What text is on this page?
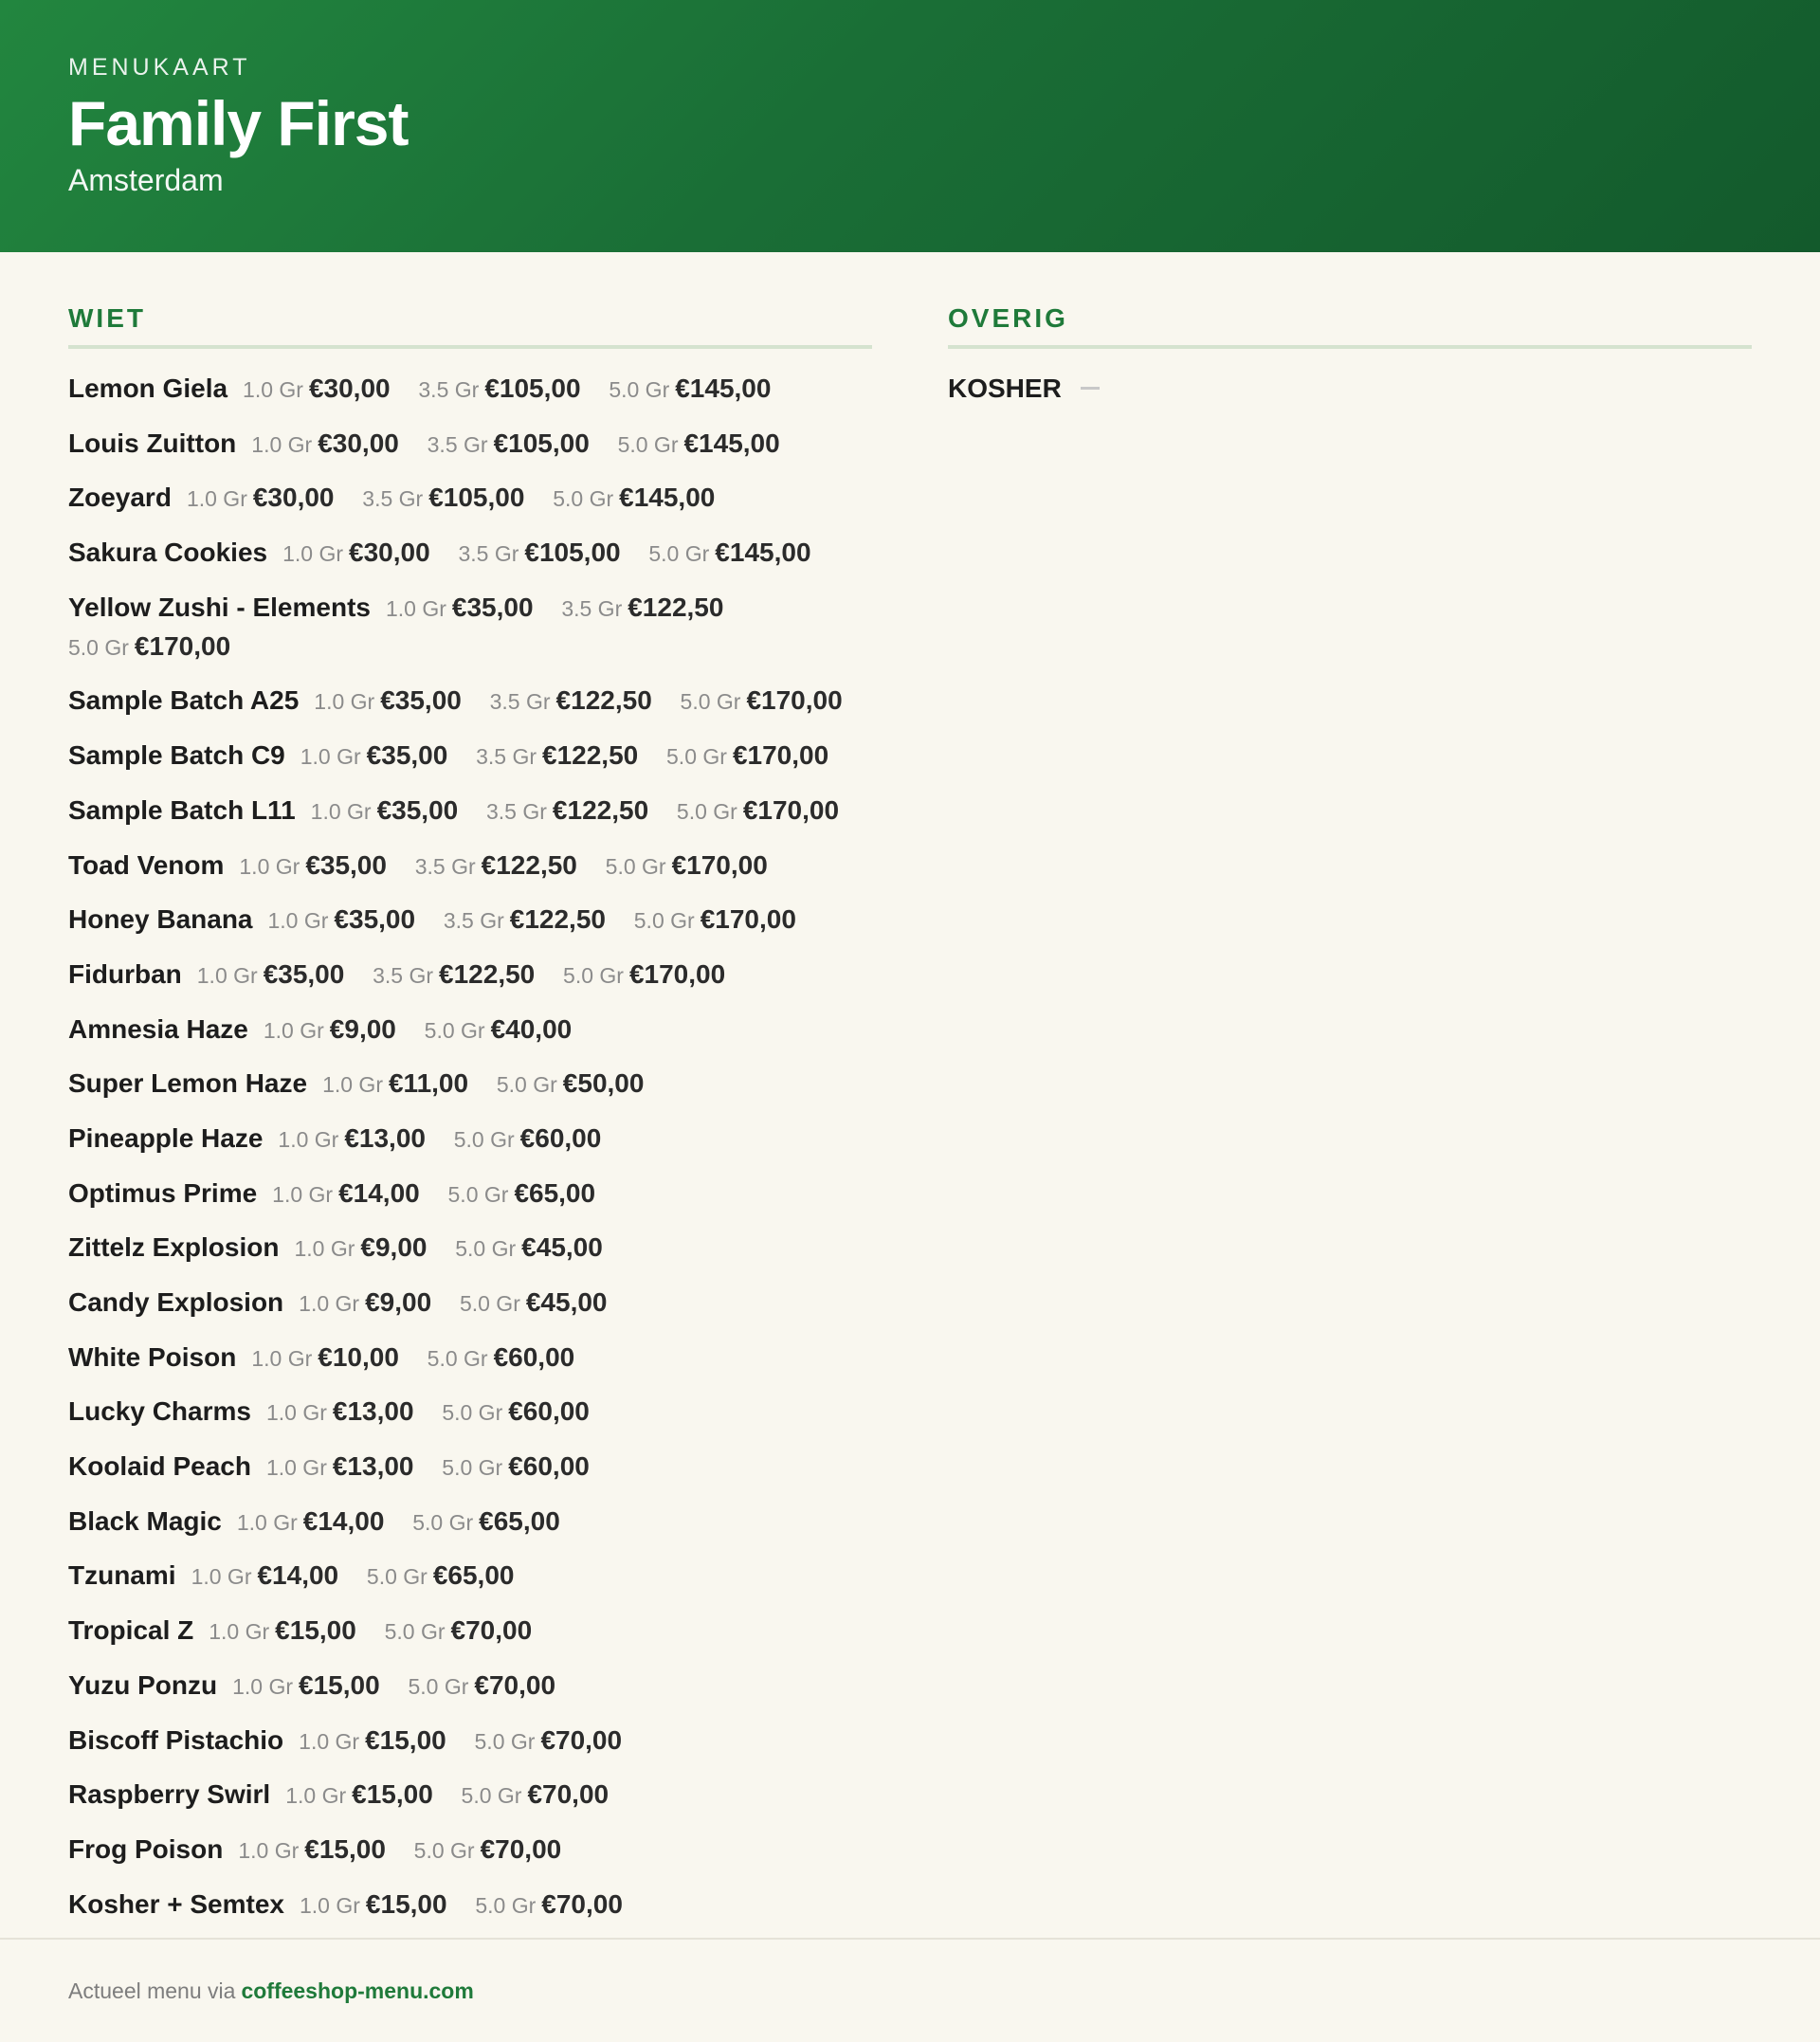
MENUKAART
Family First
Amsterdam
WIET
Lemon Giela 1.0 Gr €30,00 3.5 Gr €105,00 5.0 Gr €145,00
Louis Zuitton 1.0 Gr €30,00 3.5 Gr €105,00 5.0 Gr €145,00
Zoeyard 1.0 Gr €30,00 3.5 Gr €105,00 5.0 Gr €145,00
Sakura Cookies 1.0 Gr €30,00 3.5 Gr €105,00 5.0 Gr €145,00
Yellow Zushi - Elements 1.0 Gr €35,00 3.5 Gr €122,50 5.0 Gr €170,00
Sample Batch A25 1.0 Gr €35,00 3.5 Gr €122,50 5.0 Gr €170,00
Sample Batch C9 1.0 Gr €35,00 3.5 Gr €122,50 5.0 Gr €170,00
Sample Batch L11 1.0 Gr €35,00 3.5 Gr €122,50 5.0 Gr €170,00
Toad Venom 1.0 Gr €35,00 3.5 Gr €122,50 5.0 Gr €170,00
Honey Banana 1.0 Gr €35,00 3.5 Gr €122,50 5.0 Gr €170,00
Fidurban 1.0 Gr €35,00 3.5 Gr €122,50 5.0 Gr €170,00
Amnesia Haze 1.0 Gr €9,00 5.0 Gr €40,00
Super Lemon Haze 1.0 Gr €11,00 5.0 Gr €50,00
Pineapple Haze 1.0 Gr €13,00 5.0 Gr €60,00
Optimus Prime 1.0 Gr €14,00 5.0 Gr €65,00
Zittelz Explosion 1.0 Gr €9,00 5.0 Gr €45,00
Candy Explosion 1.0 Gr €9,00 5.0 Gr €45,00
White Poison 1.0 Gr €10,00 5.0 Gr €60,00
Lucky Charms 1.0 Gr €13,00 5.0 Gr €60,00
Koolaid Peach 1.0 Gr €13,00 5.0 Gr €60,00
Black Magic 1.0 Gr €14,00 5.0 Gr €65,00
Tzunami 1.0 Gr €14,00 5.0 Gr €65,00
Tropical Z 1.0 Gr €15,00 5.0 Gr €70,00
Yuzu Ponzu 1.0 Gr €15,00 5.0 Gr €70,00
Biscoff Pistachio 1.0 Gr €15,00 5.0 Gr €70,00
Raspberry Swirl 1.0 Gr €15,00 5.0 Gr €70,00
Frog Poison 1.0 Gr €15,00 5.0 Gr €70,00
Kosher + Semtex 1.0 Gr €15,00 5.0 Gr €70,00
OVERIG
KOSHER
Actueel menu via coffeeshop-menu.com
